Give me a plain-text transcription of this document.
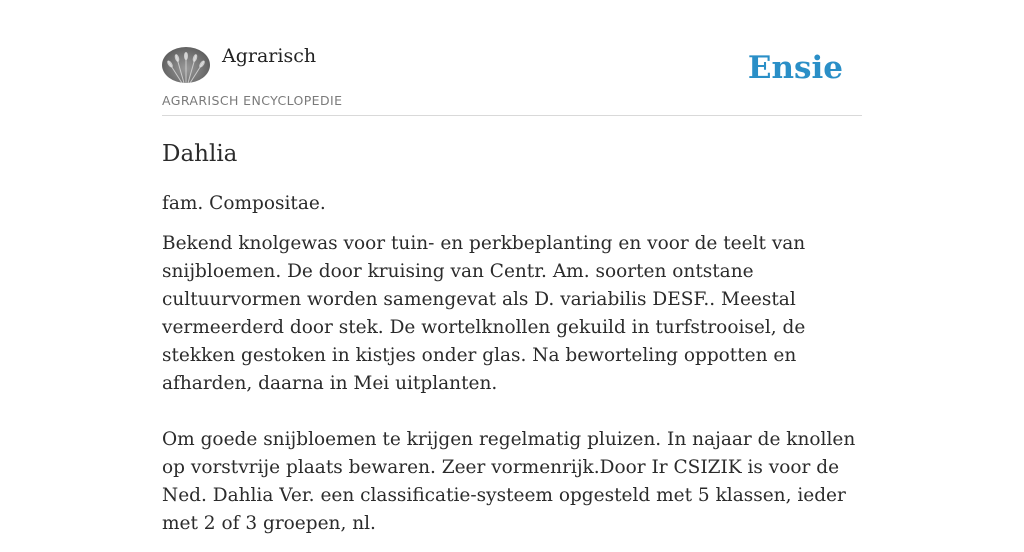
Agrarisch
AGRARISCH ENCYCLOPEDIE
Ensie
Dahlia

fam. Compositae.

Bekend knolgewas voor tuin- en perkbeplanting en voor de teelt van snijbloemen. De door kruising van Centr. Am. soorten ontstane cultuurvormen worden samengevat als D. variabilis DESF.. Meestal vermeerderd door stek. De wortelknollen gekuild in turfstrooisel, de stekken gestoken in kistjes onder glas. Na beworteling oppotten en afharden, daarna in Mei uitplanten.

Om goede snijbloemen te krijgen regelmatig pluizen. In najaar de knollen op vorstvrije plaats bewaren. Zeer vormenrijk.Door Ir CSIZIK is voor de Ned. Dahlia Ver. een classificatie-systeem opgesteld met 5 klassen, ieder met 2 of 3 groepen, nl.
